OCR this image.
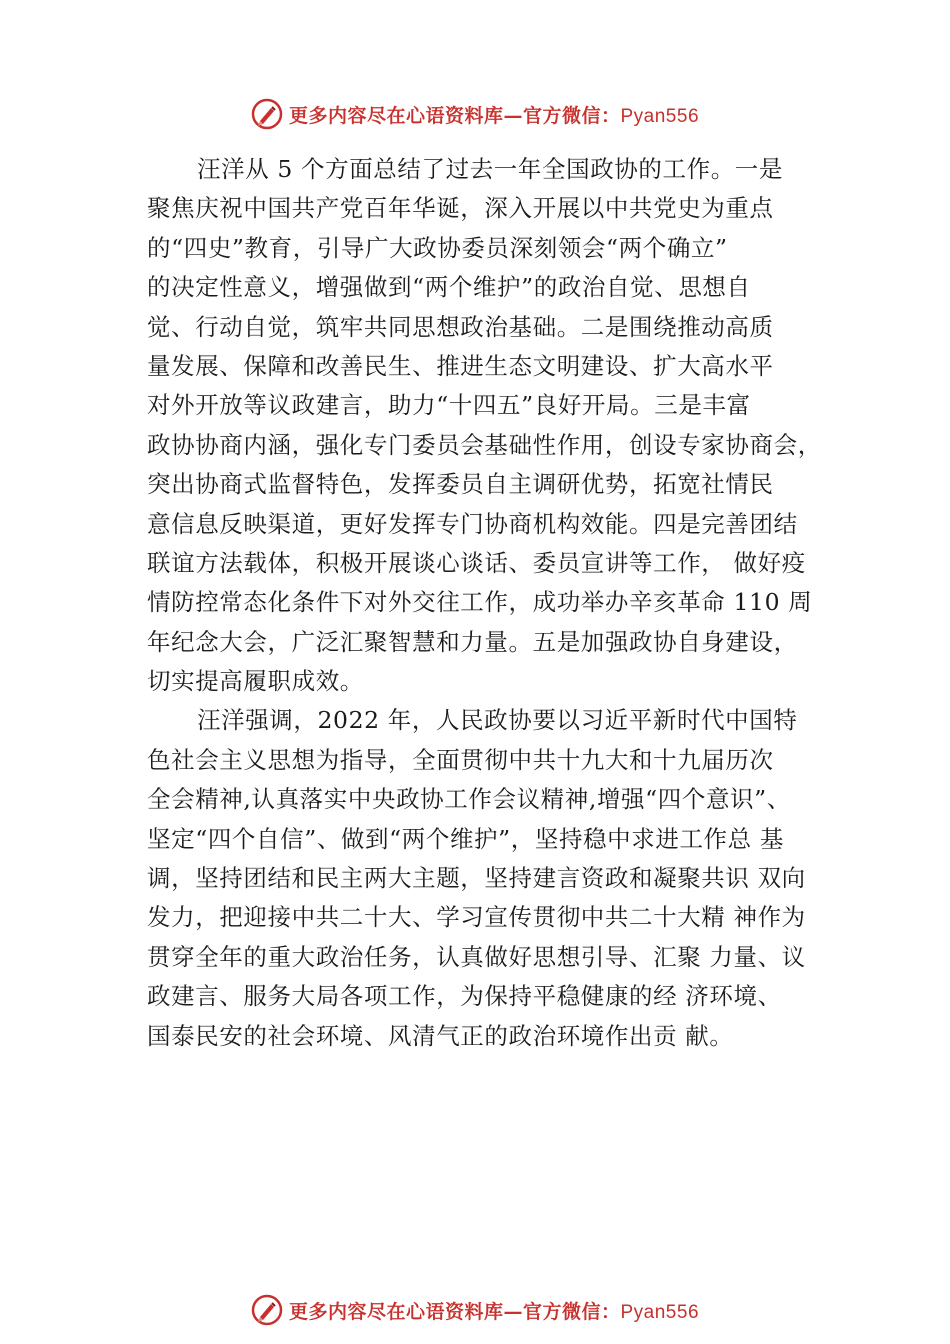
更多内容尽在心语资料库—官方微信：Pyan556
汪洋从 5 个方面总结了过去一年全国政协的工作。一是
聚焦庆祝中国共产党百年华诞，深入开展以中共党史为重点
的“四史”教育，引导广大政协委员深刻领会“两个确立”
的决定性意义，增强做到“两个维护”的政治自觉、思想自
觉、行动自觉，筑牢共同思想政治基础。二是围绕推动高质
量发展、保障和改善民生、推进生态文明建设、扩大高水平
对外开放等议政建言，助力“十四五”良好开局。三是丰富
政协协商内涵，强化专门委员会基础性作用，创设专家协商会，
突出协商式监督特色，发挥委员自主调研优势，拓宽社情民
意信息反映渠道，更好发挥专门协商机构效能。四是完善团结
联谊方法载体，积极开展谈心谈话、委员宣讲等工作， 做好疫
情防控常态化条件下对外交往工作，成功举办辛亥革命 110 周
年纪念大会，广泛汇聚智慧和力量。五是加强政协自身建设，
切实提高履职成效。
汪洋强调，2022 年，人民政协要以习近平新时代中国特
色社会主义思想为指导，全面贯彻中共十九大和十九届历次
全会精神,认真落实中央政协工作会议精神,增强“四个意识”、
坚定“四个自信”、做到“两个维护”，坚持稳中求进工作总 基
调，坚持团结和民主两大主题，坚持建言资政和凝聚共识 双向
发力，把迎接中共二十大、学习宣传贯彻中共二十大精 神作为
贯穿全年的重大政治任务，认真做好思想引导、汇聚 力量、议
政建言、服务大局各项工作，为保持平稳健康的经 济环境、
国泰民安的社会环境、风清气正的政治环境作出贡 献。
更多内容尽在心语资料库—官方微信：Pyan556
